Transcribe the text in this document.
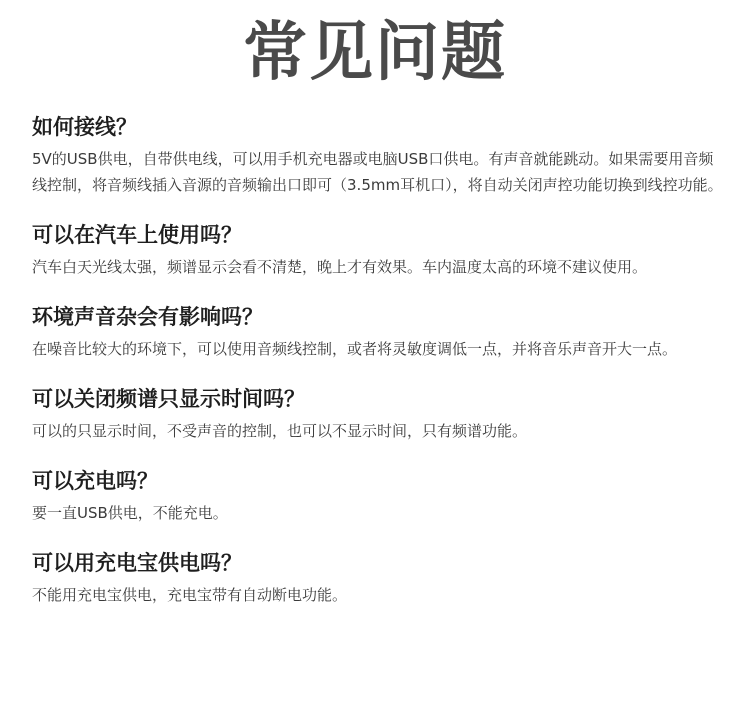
常见问题
如何接线？

5V的USB供电，自带供电线，可以用手机充电器或电脑USB口供电。有声音就能跳动。如果需要用音频线控制，将音频线插入音源的音频输出口即可（3.5mm耳机口），将自动关闭声控功能切换到线控功能。

可以在汽车上使用吗？

汽车白天光线太强，频谱显示会看不清楚，晚上才有效果。车内温度太高的环境不建议使用。

环境声音杂会有影响吗？

在噪音比较大的环境下，可以使用音频线控制，或者将灵敏度调低一点，并将音乐声音开大一点。

可以关闭频谱只显示时间吗？

可以的只显示时间，不受声音的控制，也可以不显示时间，只有频谱功能。

可以充电吗？

要一直USB供电，不能充电。

可以用充电宝供电吗？

不能用充电宝供电，充电宝带有自动断电功能。
